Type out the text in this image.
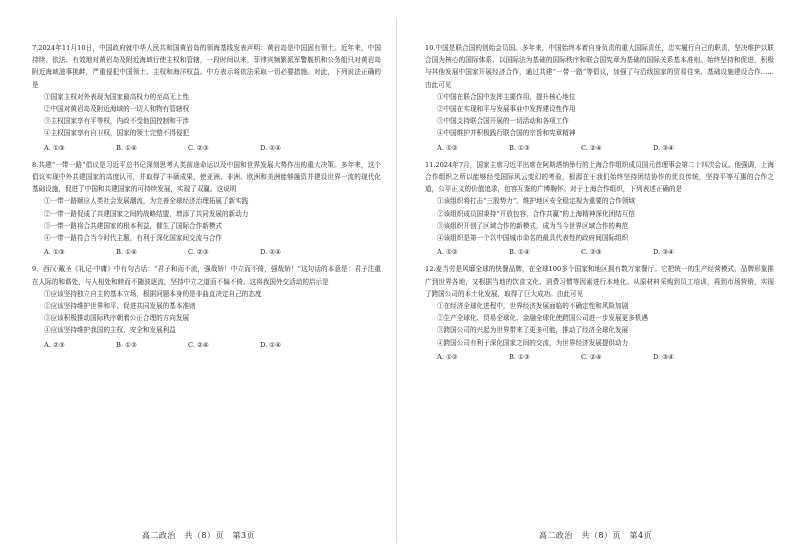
7.2024年11月10日，中国政府就中华人民共和国黄岩岛的领海基线发表声明：黄岩岛是中国固有领土。近年来，中国持续、依法、有效地对黄岩岛及附近海域行使主权和管辖，一段时间以来，菲律宾频繁派军警舰机和公务船只对黄岩岛附近海域滋事挑衅，严重侵犯中国领土、主权和海洋权益。中方表示将依法采取一切必要措施。对此，下列说法正确的是

①国家主权对外表现为国家最高权力的至高无上性

②中国对黄岩岛及附近海域的一切人和物有管辖权

③主权国家享有平等权，内政不受他国控制和干涉

④主权国家享有自卫权，国家的领土完整不得侵犯

A. ①③	B. ①④	C. ②③	D. ②④

8.共建“一带一路”倡议是习近平总书记深刻思考人类前途命运以及中国和世界发展大势作出的重大决策。多年来，这个倡议实现中外共建国家的高度认可，并取得了丰硕成果，使亚洲、非洲、欧洲和美洲能够融资并建设世界一流的现代化基础设施，促进了中国和共建国家的可持续发展，实现了双赢。这说明

①一带一路顺应人类社会发展潮流，为完善全球经济治理拓展了新实践

②一带一路促成了共建国家之间的战略结盟，增添了共同发展的新动力

③一带一路将合共建国家的根本利益，催生了国际合作新模式

④一带一路符合当今时代主题，有利于深化国家间交流与合作

A. ①③	B. ①④	C. ②③	D. ②④

9．西汉·戴圣《礼记·中庸》中有句古话：“君子和而不流，强哉矫！中立而不倚，强哉矫！”这句话的本意是：君子注重在人际的和谐处，与人相处和睦而不随波逐流，坚持中立之道而不偏不倚。这将我国外交活动的启示是

①应该坚持独立自主的基本立场，根据问题本身的是非曲直决定自己的态度

②应该坚持维护世界和平、促进共同发展的基本准则

③应该积极推动国际秩序朝着公正合理的方向发展

④应该坚持维护我国的主权、安全和发展利益

A. ②③	B. ①③	C. ②④	D. ①④
高二政治　共（8）页　第3页

10.中国是联合国的创始会员国。多年来，中国始终本着自身负责的重大国际责任，忠实履行自己的职责，坚决维护以联合国为核心的国际体系、以国际法为基础的国际秩序和联合国宪章为基础的国际关系基本准则。始终坚持和促进，积极与其他发展中国家开展经济合作，通过共建“一带一路”等倡议，加强了与沿线国家的贸易往来、基础设施建设合作……由此可见

①中国在联合国中发挥主要作用，提升核心地位

②中国在实现和平与发展事业中发挥建设性作用

③中国支持联合国开展的一切活动和各项工作

④中国维护并积极践行联合国的宗旨和宪章精神

A. ①②	B. ①③	C. ②④	D. ③④

11.2024年7月，国家主席习近平出席在阿斯塔纳举行的上海合作组织成员国元首理事会第二十四次会议。他强调，上海合作组织之所以能够经受国际风云变幻的考验，根源在于我们始终坚持团结协作的优良传统，坚持平等互惠的合作之道，公平正义的价值追求，包容互鉴的广博胸怀。对于上海合作组织，下列表述正确的是

①该组织将打击“三股势力”、维护地区安全稳定视为重要的合作领域

②该组织成员国秉持“开放包容，合作共赢”的上海精神深化团结互信

③该组织开创了区域合作的新模式，成为当今世界区域合作的典范

④该组织是第一个以中国城市命名的最具代表性的政府间国际组织

A. ①②	B. ①④	C. ②③	D. ③④

12.麦当劳是风靡全球的快餐品牌，在全球100多个国家和地区拥有数万家餐厅。它把统一的生产经营模式、品牌形象推广到世界各地，又根据当地的饮食文化、消费习惯等因素进行本地化。从原材料采购到员工培训，再到市场营销，实现了跨国公司的本土化发展，取得了巨大成功。由此可见

①在经济全球化进程中，世界经济发展面临的不确定性和风险加剧

②生产全球化、贸易全球化、金融全球化使跨国公司进一步发展更多机遇

③跨国公司的兴起为世界带来了更多可能，推动了经济全球化发展

④跨国公司有利于深化国家之间的交流，为世界经济发展提供动力

A. ①②	B. ①③	C. ②④	D. ③④
高二政治　共（8）页　第4页
